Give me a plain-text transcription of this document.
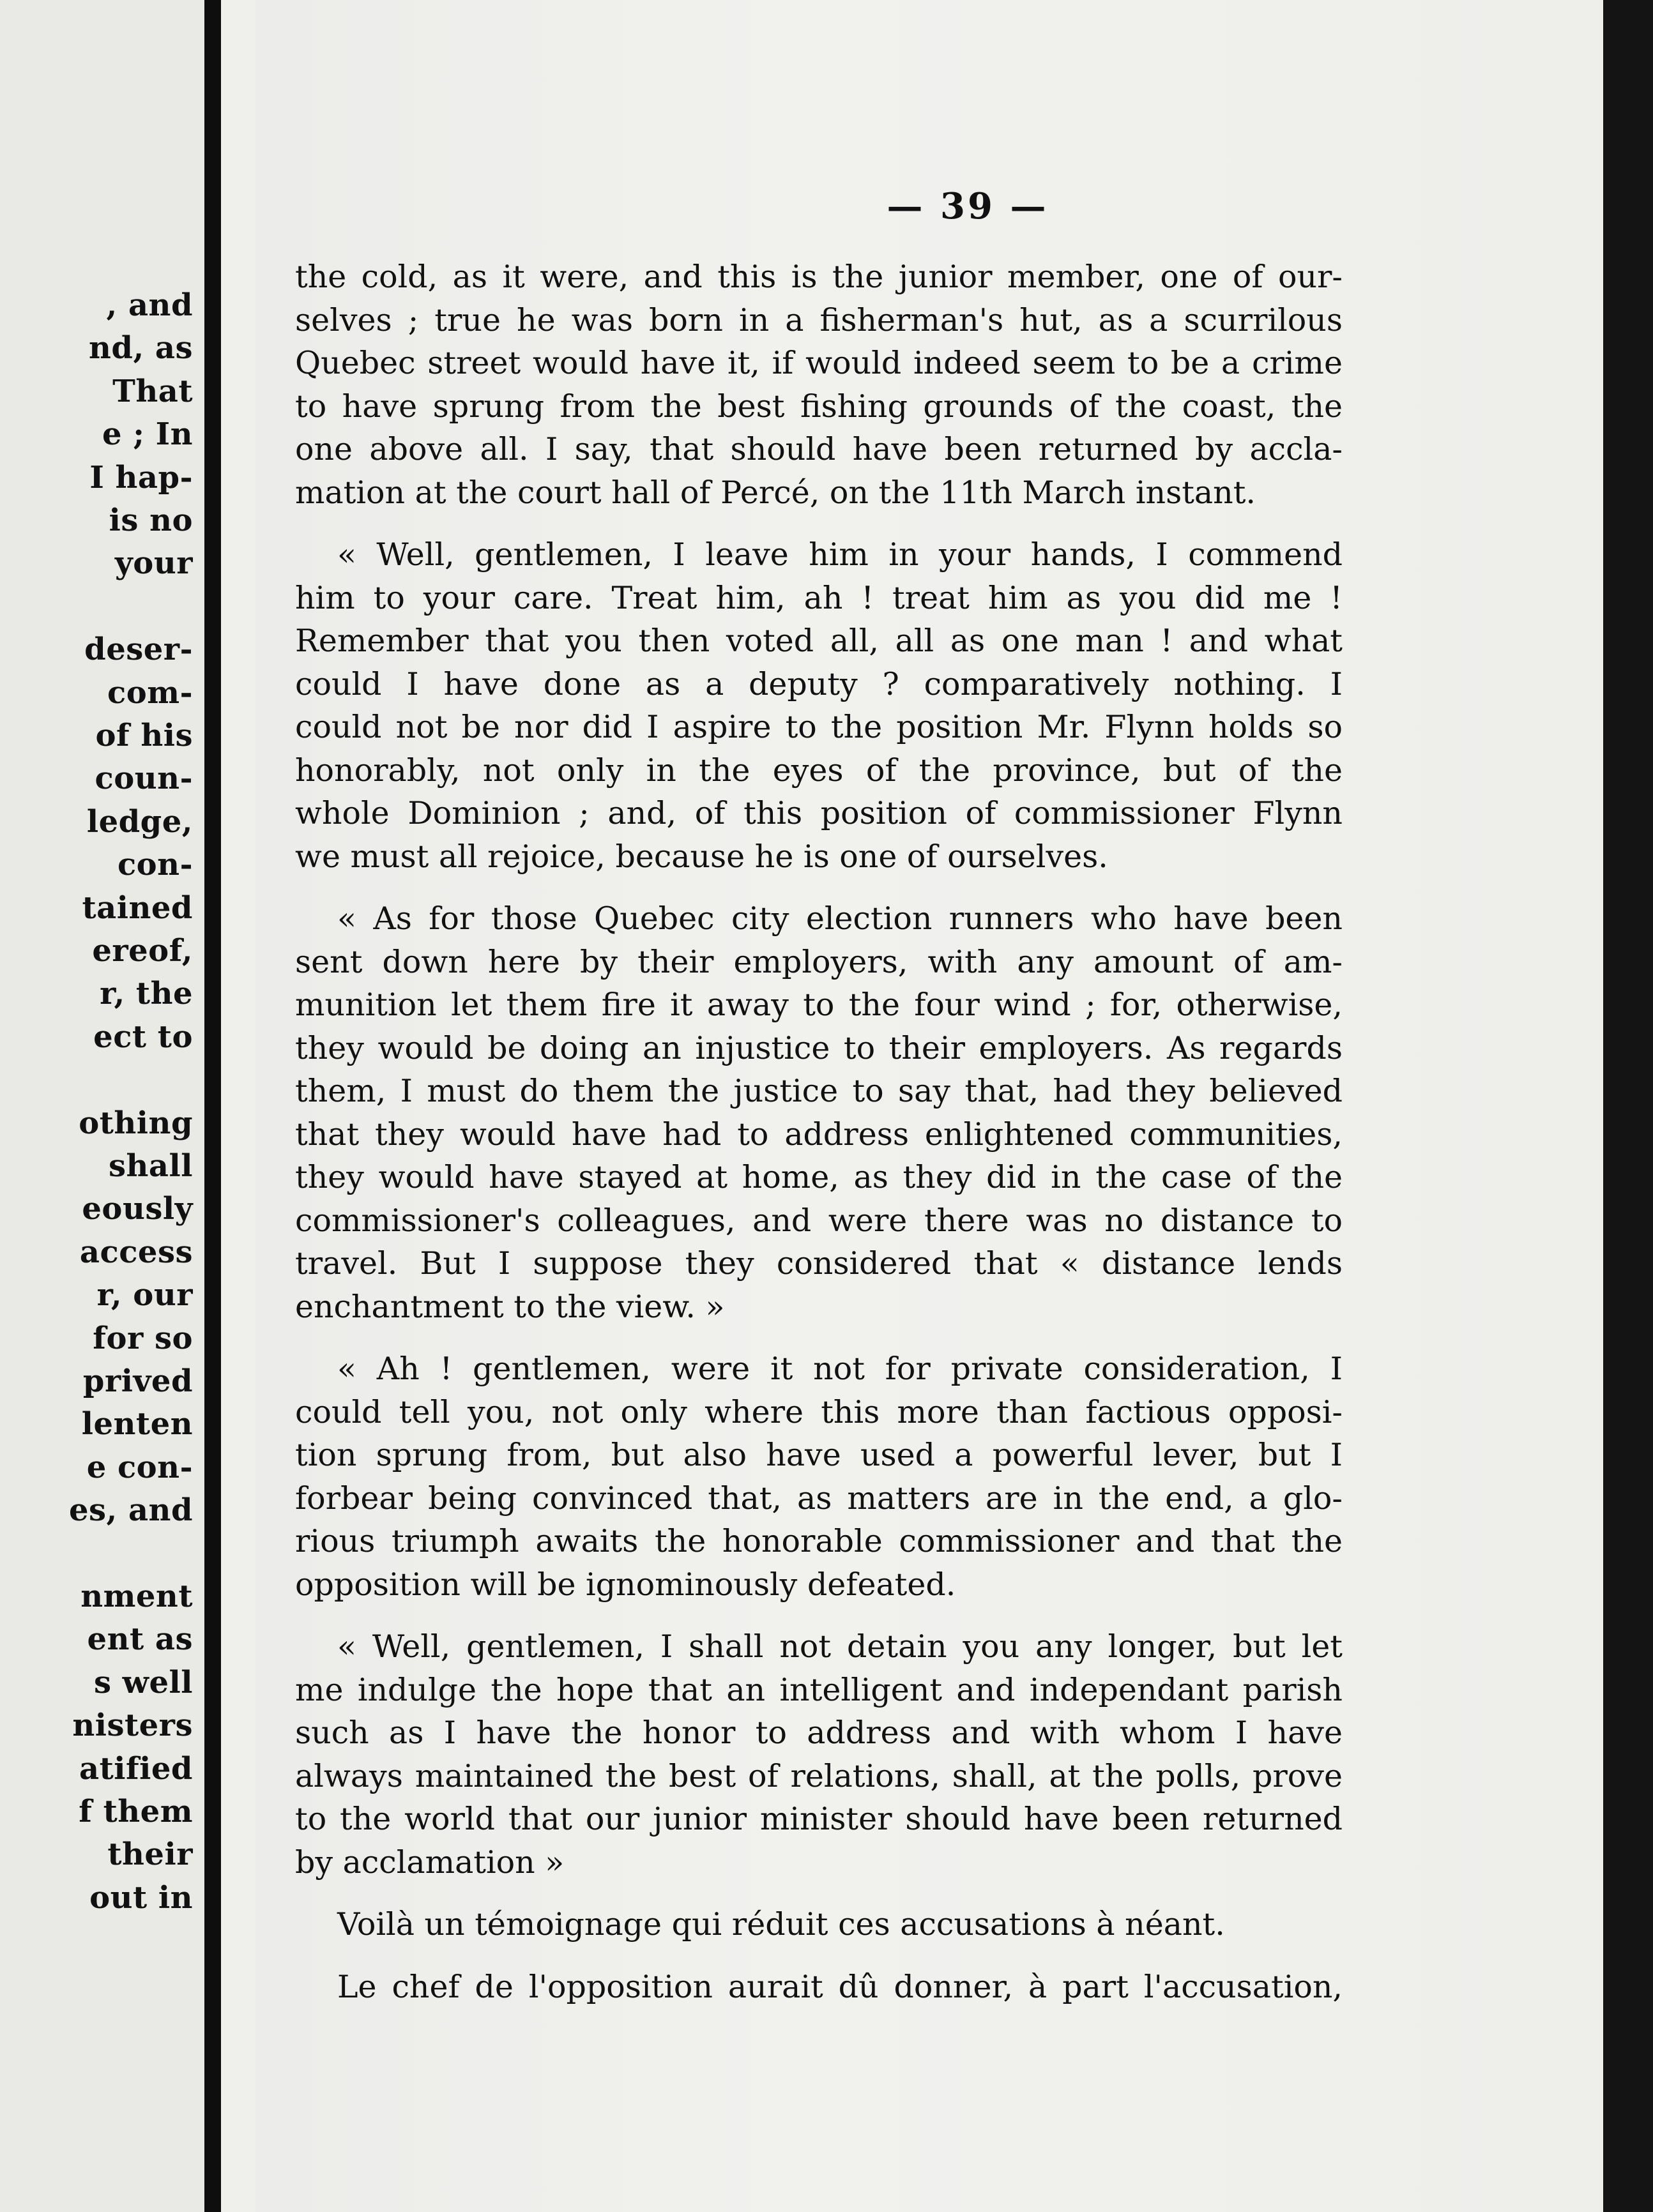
, and
nd, as
That
e ; In
I hap-
is no
your
deser-
com-
of his
coun-
ledge,
con-
tained
ereof,
r, the
ect to
othing
shall
eously
access
r, our
for so
prived
lenten
e con-
es, and
nment
ent as
s well
nisters
atified
f them
their
out in
— 39 —
the cold, as it were, and this is the junior member, one of our-
selves ; true he was born in a fisherman's hut, as a scurrilous
Quebec street would have it, if would indeed seem to be a crime
to have sprung from the best fishing grounds of the coast, the
one above all. I say, that should have been returned by accla-
mation at the court hall of Percé, on the 11th March instant.
« Well, gentlemen, I leave him in your hands, I commend
him to your care. Treat him, ah ! treat him as you did me !
Remember that you then voted all, all as one man ! and what
could I have done as a deputy ? comparatively nothing. I
could not be nor did I aspire to the position Mr. Flynn holds so
honorably, not only in the eyes of the province, but of the
whole Dominion ; and, of this position of commissioner Flynn
we must all rejoice, because he is one of ourselves.
« As for those Quebec city election runners who have been
sent down here by their employers, with any amount of am-
munition let them fire it away to the four wind ; for, otherwise,
they would be doing an injustice to their employers. As regards
them, I must do them the justice to say that, had they believed
that they would have had to address enlightened communities,
they would have stayed at home, as they did in the case of the
commissioner's colleagues, and were there was no distance to
travel. But I suppose they considered that « distance lends
enchantment to the view. »
« Ah ! gentlemen, were it not for private consideration, I
could tell you, not only where this more than factious opposi-
tion sprung from, but also have used a powerful lever, but I
forbear being convinced that, as matters are in the end, a glo-
rious triumph awaits the honorable commissioner and that the
opposition will be ignominously defeated.
« Well, gentlemen, I shall not detain you any longer, but let
me indulge the hope that an intelligent and independant parish
such as I have the honor to address and with whom I have
always maintained the best of relations, shall, at the polls, prove
to the world that our junior minister should have been returned
by acclamation »
Voilà un témoignage qui réduit ces accusations à néant.
Le chef de l'opposition aurait dû donner, à part l'accusation,
